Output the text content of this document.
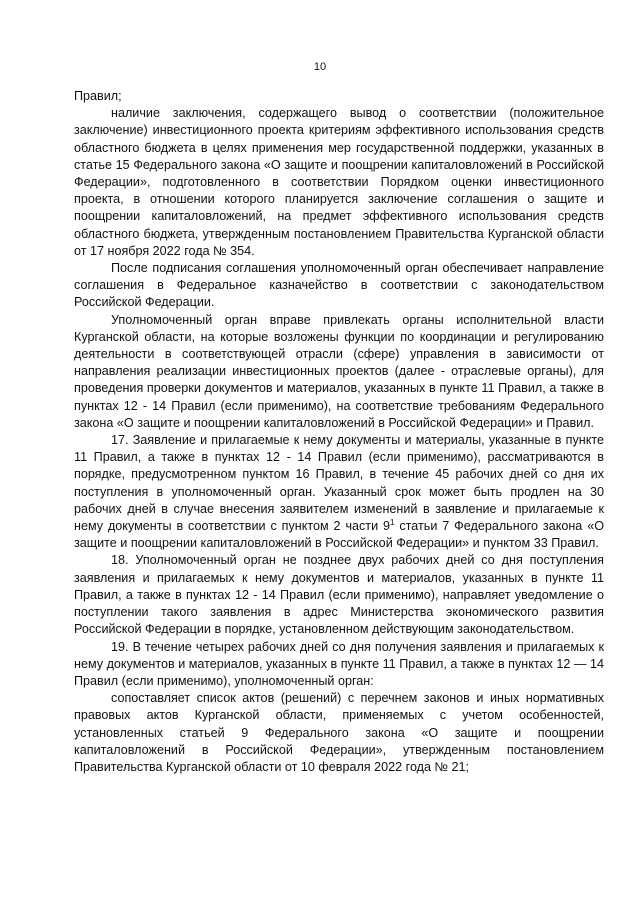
10

Правил;

наличие заключения, содержащего вывод о соответствии (положительное заключение) инвестиционного проекта критериям эффективного использования средств областного бюджета в целях применения мер государственной поддержки, указанных в статье 15 Федерального закона «О защите и поощрении капиталовложений в Российской Федерации», подготовленного в соответствии Порядком оценки инвестиционного проекта, в отношении которого планируется заключение соглашения о защите и поощрении капиталовложений, на предмет эффективного использования средств областного бюджета, утвержденным постановлением Правительства Курганской области от 17 ноября 2022 года № 354.

После подписания соглашения уполномоченный орган обеспечивает направление соглашения в Федеральное казначейство в соответствии с законодательством Российской Федерации.

Уполномоченный орган вправе привлекать органы исполнительной власти Курганской области, на которые возложены функции по координации и регулированию деятельности в соответствующей отрасли (сфере) управления в зависимости от направления реализации инвестиционных проектов (далее - отраслевые органы), для проведения проверки документов и материалов, указанных в пункте 11 Правил, а также в пунктах 12 - 14 Правил (если применимо), на соответствие требованиям Федерального закона «О защите и поощрении капиталовложений в Российской Федерации» и Правил.

17. Заявление и прилагаемые к нему документы и материалы, указанные в пункте 11 Правил, а также в пунктах 12 - 14 Правил (если применимо), рассматриваются в порядке, предусмотренном пунктом 16 Правил, в течение 45 рабочих дней со дня их поступления в уполномоченный орган. Указанный срок может быть продлен на 30 рабочих дней в случае внесения заявителем изменений в заявление и прилагаемые к нему документы в соответствии с пунктом 2 части $9^1$ статьи 7 Федерального закона «О защите и поощрении капиталовложений в Российской Федерации» и пунктом 33 Правил.

18. Уполномоченный орган не позднее двух рабочих дней со дня поступления заявления и прилагаемых к нему документов и материалов, указанных в пункте 11 Правил, а также в пунктах 12 - 14 Правил (если применимо), направляет уведомление о поступлении такого заявления в адрес Министерства экономического развития Российской Федерации в порядке, установленном действующим законодательством.

19. В течение четырех рабочих дней со дня получения заявления и прилагаемых к нему документов и материалов, указанных в пункте 11 Правил, а также в пунктах 12 — 14 Правил (если применимо), уполномоченный орган:

сопоставляет список актов (решений) с перечнем законов и иных нормативных правовых актов Курганской области, применяемых с учетом особенностей, установленных статьей 9 Федерального закона «О защите и поощрении капиталовложений в Российской Федерации», утвержденным постановлением Правительства Курганской области от 10 февраля 2022 года № 21;

.
